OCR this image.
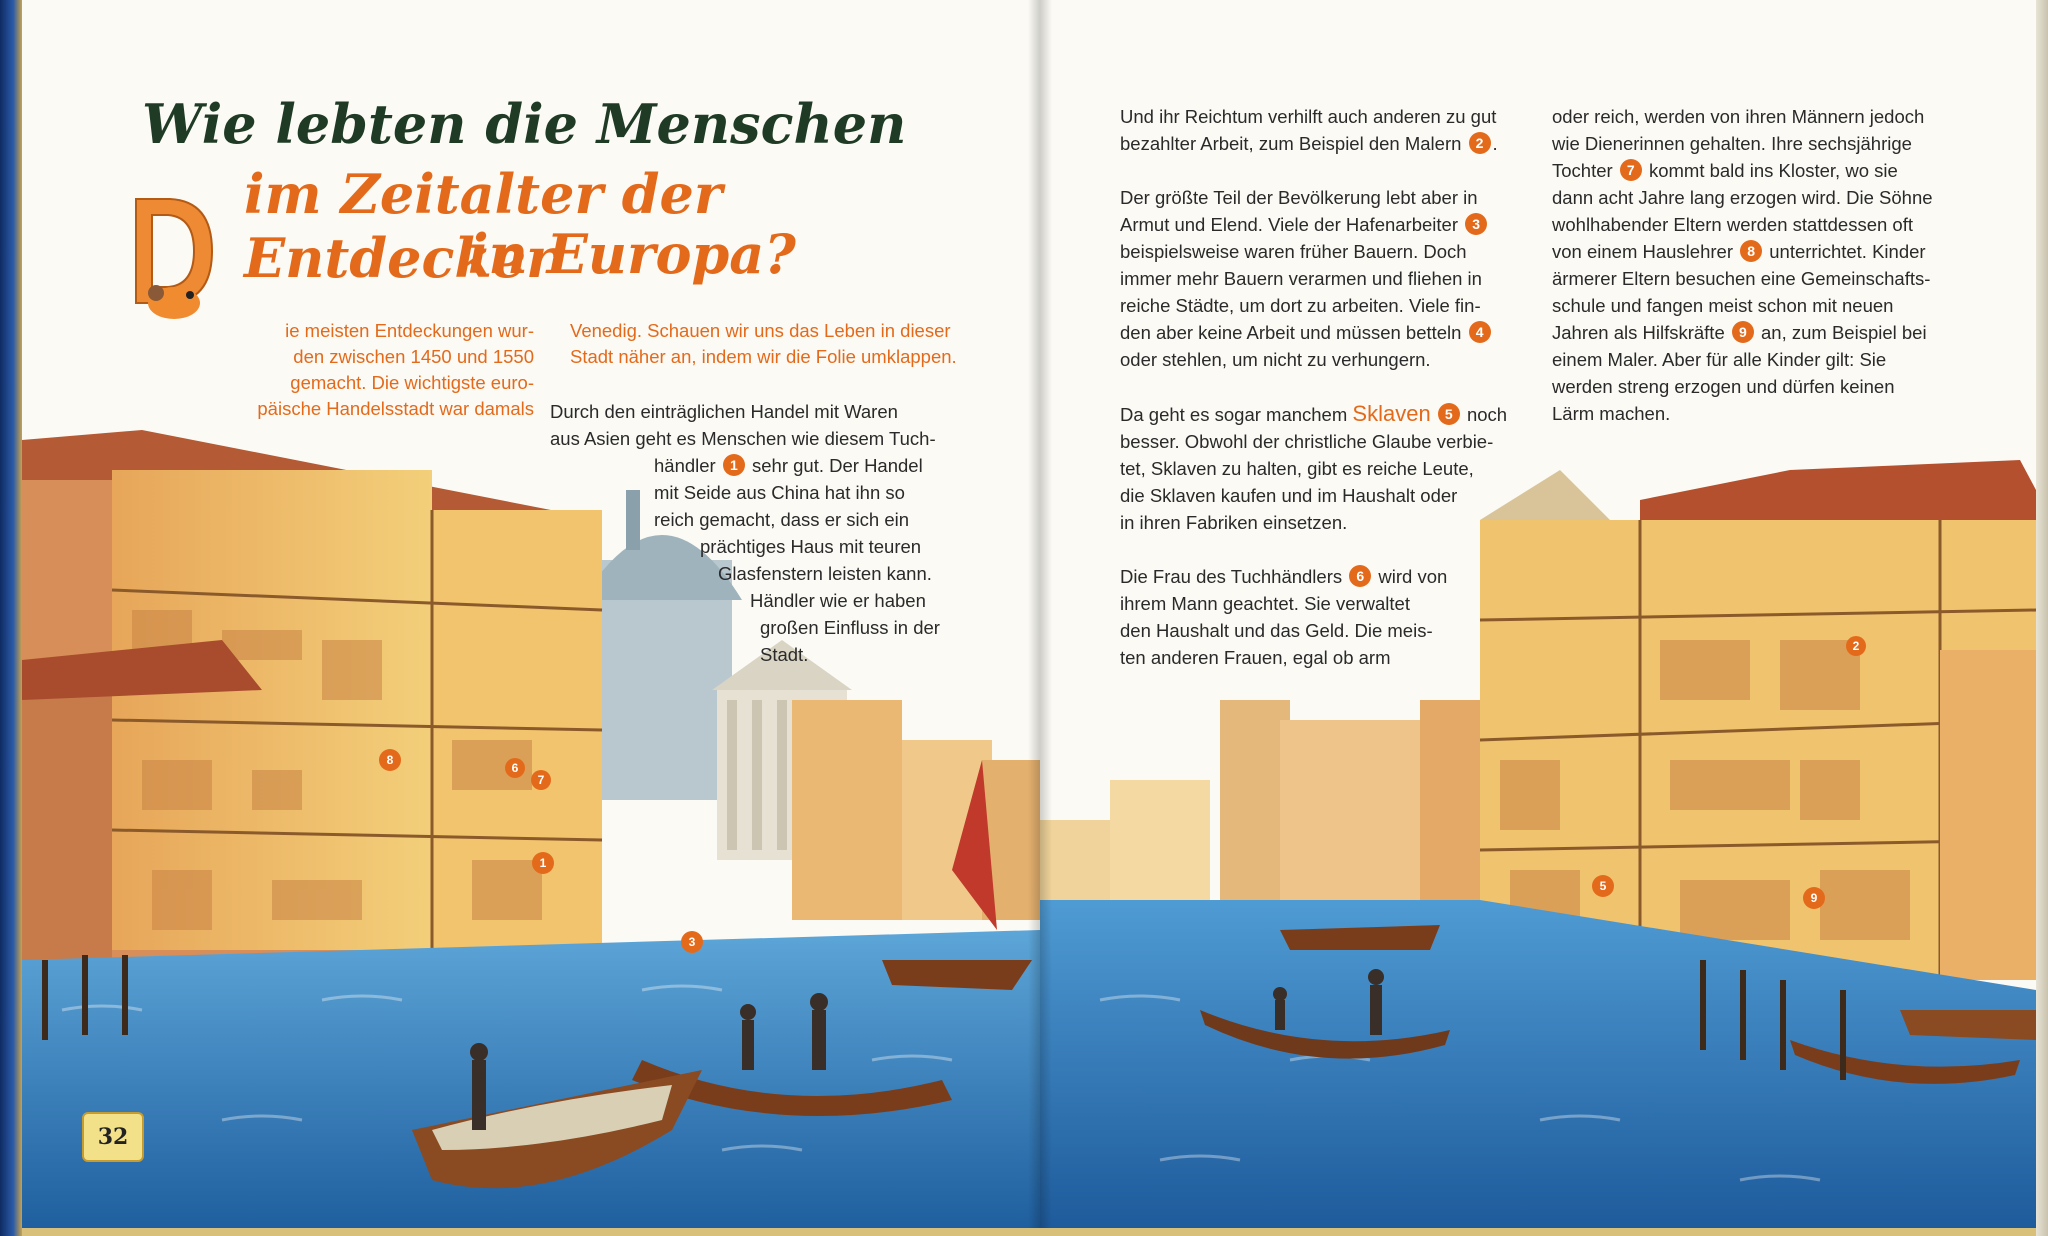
8
6
7
1
3
Wie lebten die Menschen
im Zeitalter der Entdecker
in Europa?
ie meisten Entdeckungen wur-
den zwischen 1450 und 1550
gemacht. Die wichtigste euro-
päische Handelsstadt war damals
Venedig. Schauen wir uns das Leben in dieser
Stadt näher an, indem wir die Folie umklappen.
Durch den einträglichen Handel mit Waren
aus Asien geht es Menschen wie diesem Tuch-
händler 1 sehr gut. Der Handel
mit Seide aus China hat ihn so
reich gemacht, dass er sich ein
prächtiges Haus mit teuren
Glasfenstern leisten kann.
Händler wie er haben
großen Einfluss in der
Stadt.
32
2
5
9
Und ihr Reichtum verhilft auch anderen zu gut
bezahlter Arbeit, zum Beispiel den Malern 2 .
Der größte Teil der Bevölkerung lebt aber in
Armut und Elend. Viele der Hafenarbeiter 3
beispielsweise waren früher Bauern. Doch
immer mehr Bauern verarmen und fliehen in
reiche Städte, um dort zu arbeiten. Viele fin-
den aber keine Arbeit und müssen betteln 4
oder stehlen, um nicht zu verhungern.
Da geht es sogar manchem Sklaven 5 noch
besser. Obwohl der christliche Glaube verbie-
tet, Sklaven zu halten, gibt es reiche Leute,
die Sklaven kaufen und im Haushalt oder
in ihren Fabriken einsetzen.
Die Frau des Tuchhändlers 6 wird von
ihrem Mann geachtet. Sie verwaltet
den Haushalt und das Geld. Die meis-
ten anderen Frauen, egal ob arm
oder reich, werden von ihren Männern jedoch
wie Dienerinnen gehalten. Ihre sechsjährige
Tochter 7 kommt bald ins Kloster, wo sie
dann acht Jahre lang erzogen wird. Die Söhne
wohlhabender Eltern werden stattdessen oft
von einem Hauslehrer 8 unterrichtet. Kinder
ärmerer Eltern besuchen eine Gemeinschafts-
schule und fangen meist schon mit neuen
Jahren als Hilfskräfte 9 an, zum Beispiel bei
einem Maler. Aber für alle Kinder gilt: Sie
werden streng erzogen und dürfen keinen
Lärm machen.
